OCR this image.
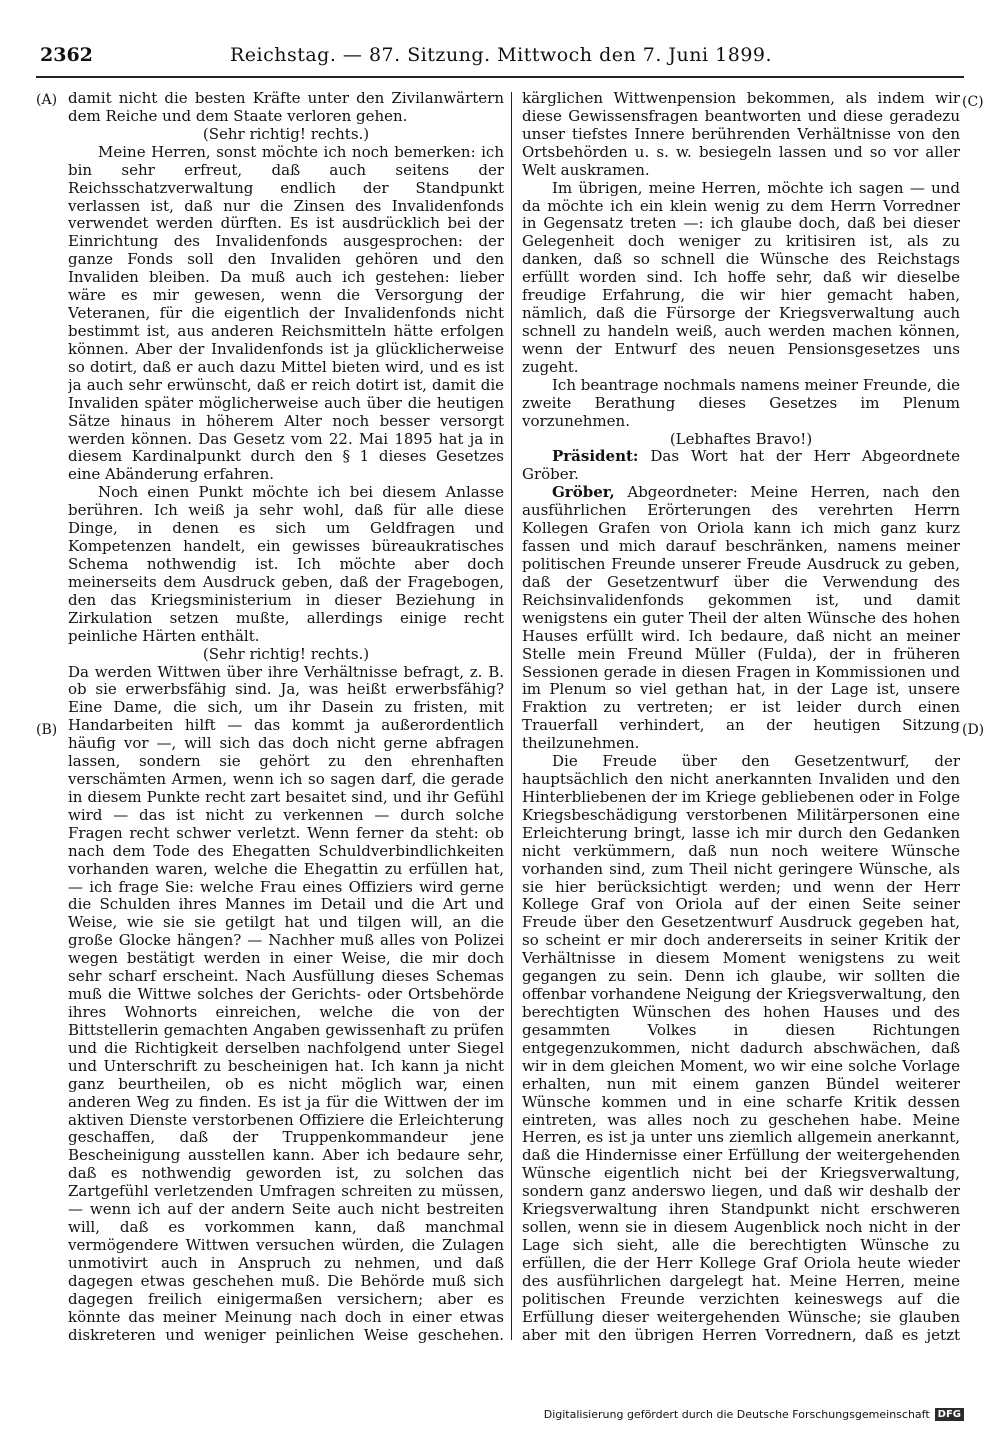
2362	Reichstag. — 87. Sitzung. Mittwoch den 7. Juni 1899.
(A)
(B)
(C)
(D)

damit nicht die besten Kräfte unter den Zivilanwärtern dem Reiche und dem Staate verloren gehen.

(Sehr richtig! rechts.)

Meine Herren, sonst möchte ich noch bemerken: ich bin sehr erfreut, daß auch seitens der Reichsschatzverwaltung endlich der Standpunkt verlassen ist, daß nur die Zinsen des Invalidenfonds verwendet werden dürften. Es ist ausdrücklich bei der Einrichtung des Invalidenfonds ausgesprochen: der ganze Fonds soll den Invaliden gehören und den Invaliden bleiben. Da muß auch ich gestehen: lieber wäre es mir gewesen, wenn die Versorgung der Veteranen, für die eigentlich der Invalidenfonds nicht bestimmt ist, aus anderen Reichsmitteln hätte erfolgen können. Aber der Invalidenfonds ist ja glücklicherweise so dotirt, daß er auch dazu Mittel bieten wird, und es ist ja auch sehr erwünscht, daß er reich dotirt ist, damit die Invaliden später möglicherweise auch über die heutigen Sätze hinaus in höherem Alter noch besser versorgt werden können. Das Gesetz vom 22. Mai 1895 hat ja in diesem Kardinalpunkt durch den § 1 dieses Gesetzes eine Abänderung erfahren.

Noch einen Punkt möchte ich bei diesem Anlasse berühren. Ich weiß ja sehr wohl, daß für alle diese Dinge, in denen es sich um Geldfragen und Kompetenzen handelt, ein gewisses büreaukratisches Schema nothwendig ist. Ich möchte aber doch meinerseits dem Ausdruck geben, daß der Fragebogen, den das Kriegsministerium in dieser Beziehung in Zirkulation setzen mußte, allerdings einige recht peinliche Härten enthält.

(Sehr richtig! rechts.)

Da werden Wittwen über ihre Verhältnisse befragt, z. B. ob sie erwerbsfähig sind. Ja, was heißt erwerbsfähig? Eine Dame, die sich, um ihr Dasein zu fristen, mit Handarbeiten hilft — das kommt ja außerordentlich häufig vor —, will sich das doch nicht gerne abfragen lassen, sondern sie gehört zu den ehrenhaften verschämten Armen, wenn ich so sagen darf, die gerade in diesem Punkte recht zart besaitet sind, und ihr Gefühl wird — das ist nicht zu verkennen — durch solche Fragen recht schwer verletzt. Wenn ferner da steht: ob nach dem Tode des Ehegatten Schuldverbindlichkeiten vorhanden waren, welche die Ehegattin zu erfüllen hat, — ich frage Sie: welche Frau eines Offiziers wird gerne die Schulden ihres Mannes im Detail und die Art und Weise, wie sie sie getilgt hat und tilgen will, an die große Glocke hängen? — Nachher muß alles von Polizei wegen bestätigt werden in einer Weise, die mir doch sehr scharf erscheint. Nach Ausfüllung dieses Schemas muß die Wittwe solches der Gerichts- oder Ortsbehörde ihres Wohnorts einreichen, welche die von der Bittstellerin gemachten Angaben gewissenhaft zu prüfen und die Richtigkeit derselben nachfolgend unter Siegel und Unterschrift zu bescheinigen hat. Ich kann ja nicht ganz beurtheilen, ob es nicht möglich war, einen anderen Weg zu finden. Es ist ja für die Wittwen der im aktiven Dienste verstorbenen Offiziere die Erleichterung geschaffen, daß der Truppenkommandeur jene Bescheinigung ausstellen kann. Aber ich bedaure sehr, daß es nothwendig geworden ist, zu solchen das Zartgefühl verletzenden Umfragen schreiten zu müssen, — wenn ich auf der andern Seite auch nicht bestreiten will, daß es vorkommen kann, daß manchmal vermögendere Wittwen versuchen würden, die Zulagen unmotivirt auch in Anspruch zu nehmen, und daß dagegen etwas geschehen muß. Die Behörde muß sich dagegen freilich einigermaßen versichern; aber es könnte das meiner Meinung nach doch in einer etwas diskreteren und weniger peinlichen Weise geschehen.

kärglichen Wittwenpension bekommen, als indem wir diese Gewissensfragen beantworten und diese geradezu unser tiefstes Innere berührenden Verhältnisse von den Ortsbehörden u. s. w. besiegeln lassen und so vor aller Welt auskramen.

Im übrigen, meine Herren, möchte ich sagen — und da möchte ich ein klein wenig zu dem Herrn Vorredner in Gegensatz treten —: ich glaube doch, daß bei dieser Gelegenheit doch weniger zu kritisiren ist, als zu danken, daß so schnell die Wünsche des Reichstags erfüllt worden sind. Ich hoffe sehr, daß wir dieselbe freudige Erfahrung, die wir hier gemacht haben, nämlich, daß die Fürsorge der Kriegsverwaltung auch schnell zu handeln weiß, auch werden machen können, wenn der Entwurf des neuen Pensionsgesetzes uns zugeht.

Ich beantrage nochmals namens meiner Freunde, die zweite Berathung dieses Gesetzes im Plenum vorzunehmen.

(Lebhaftes Bravo!)

Präsident: Das Wort hat der Herr Abgeordnete Gröber.

Gröber, Abgeordneter: Meine Herren, nach den ausführlichen Erörterungen des verehrten Herrn Kollegen Grafen von Oriola kann ich mich ganz kurz fassen und mich darauf beschränken, namens meiner politischen Freunde unserer Freude Ausdruck zu geben, daß der Gesetzentwurf über die Verwendung des Reichsinvalidenfonds gekommen ist, und damit wenigstens ein guter Theil der alten Wünsche des hohen Hauses erfüllt wird. Ich bedaure, daß nicht an meiner Stelle mein Freund Müller (Fulda), der in früheren Sessionen gerade in diesen Fragen in Kommissionen und im Plenum so viel gethan hat, in der Lage ist, unsere Fraktion zu vertreten; er ist leider durch einen Trauerfall verhindert, an der heutigen Sitzung theilzunehmen.

Die Freude über den Gesetzentwurf, der hauptsächlich den nicht anerkannten Invaliden und den Hinterbliebenen der im Kriege gebliebenen oder in Folge Kriegsbeschädigung verstorbenen Militärpersonen eine Erleichterung bringt, lasse ich mir durch den Gedanken nicht verkümmern, daß nun noch weitere Wünsche vorhanden sind, zum Theil nicht geringere Wünsche, als sie hier berücksichtigt werden; und wenn der Herr Kollege Graf von Oriola auf der einen Seite seiner Freude über den Gesetzentwurf Ausdruck gegeben hat, so scheint er mir doch andererseits in seiner Kritik der Verhältnisse in diesem Moment wenigstens zu weit gegangen zu sein. Denn ich glaube, wir sollten die offenbar vorhandene Neigung der Kriegsverwaltung, den berechtigten Wünschen des hohen Hauses und des gesammten Volkes in diesen Richtungen entgegenzukommen, nicht dadurch abschwächen, daß wir in dem gleichen Moment, wo wir eine solche Vorlage erhalten, nun mit einem ganzen Bündel weiterer Wünsche kommen und in eine scharfe Kritik dessen eintreten, was alles noch zu geschehen habe. Meine Herren, es ist ja unter uns ziemlich allgemein anerkannt, daß die Hindernisse einer Erfüllung der weitergehenden Wünsche eigentlich nicht bei der Kriegsverwaltung, sondern ganz anderswo liegen, und daß wir deshalb der Kriegsverwaltung ihren Standpunkt nicht erschweren sollen, wenn sie in diesem Augenblick noch nicht in der Lage sich sieht, alle die berechtigten Wünsche zu erfüllen, die der Herr Kollege Graf Oriola heute wieder des ausführlichen dargelegt hat. Meine Herren, meine politischen Freunde verzichten keineswegs auf die Erfüllung dieser weitergehenden Wünsche; sie glauben aber mit den übrigen Herren Vorrednern, daß es jetzt

Digitalisierung gefördert durch die Deutsche Forschungsgemeinschaft DFG
